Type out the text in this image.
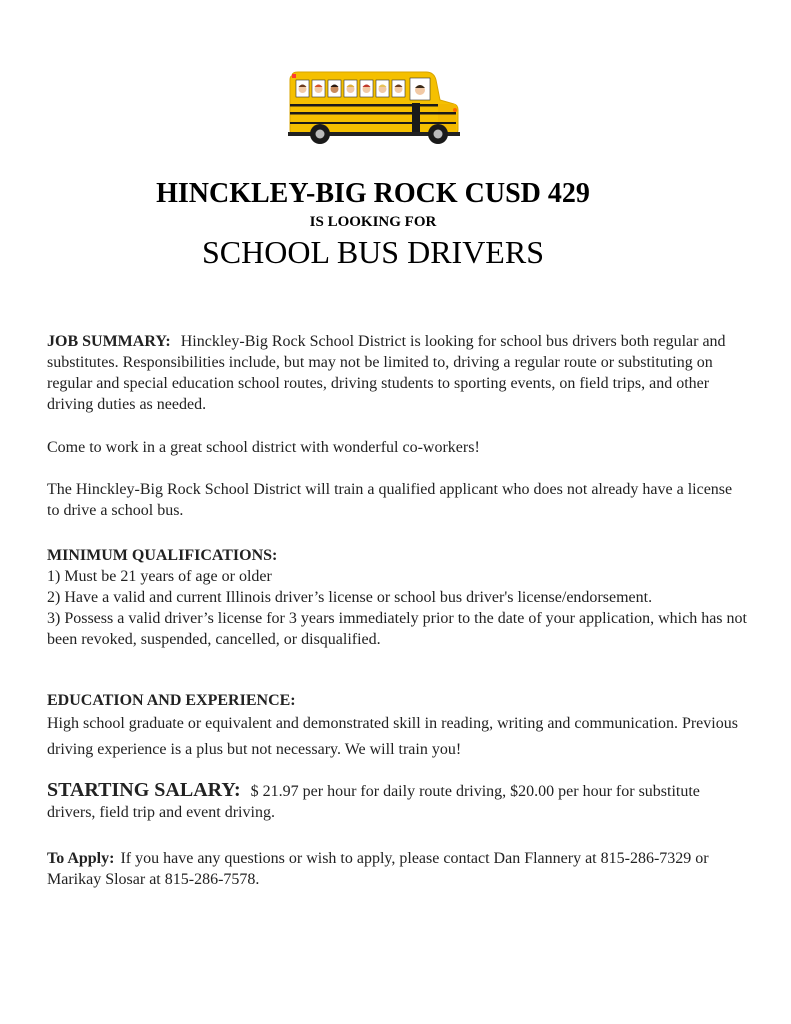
HINCKLEY-BIG ROCK CUSD 429
IS LOOKING FOR
SCHOOL BUS DRIVERS
JOB SUMMARY: Hinckley-Big Rock School District is looking for school bus drivers both regular and substitutes. Responsibilities include, but may not be limited to, driving a regular route or substituting on regular and special education school routes, driving students to sporting events, on field trips, and other driving duties as needed.
Come to work in a great school district with wonderful co-workers!
The Hinckley-Big Rock School District will train a qualified applicant who does not already have a license to drive a school bus.
MINIMUM QUALIFICATIONS:
1) Must be 21 years of age or older
2) Have a valid and current Illinois driver’s license or school bus driver's license/endorsement.
3) Possess a valid driver’s license for 3 years immediately prior to the date of your application, which has not been revoked, suspended, cancelled, or disqualified.
EDUCATION AND EXPERIENCE:
High school graduate or equivalent and demonstrated skill in reading, writing and communication. Previous driving experience is a plus but not necessary. We will train you!
STARTING SALARY: $ 21.97 per hour for daily route driving, $20.00 per hour for substitute drivers, field trip and event driving.
To Apply: If you have any questions or wish to apply, please contact Dan Flannery at 815-286-7329 or Marikay Slosar at 815-286-7578.
